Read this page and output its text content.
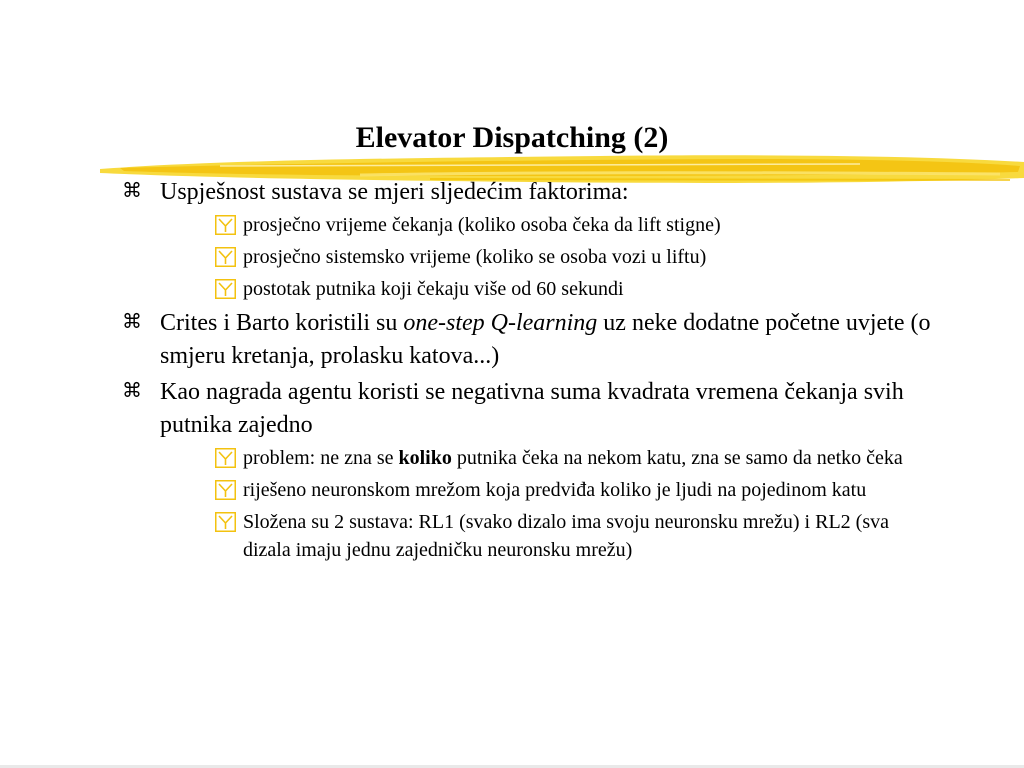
Elevator Dispatching (2)
⌘ Uspješnost sustava se mjeri sljedećim faktorima:
prosječno vrijeme čekanja (koliko osoba čeka da lift stigne)
prosječno sistemsko vrijeme (koliko se osoba vozi u liftu)
postotak putnika koji čekaju više od 60 sekundi
⌘ Crites i Barto koristili su one-step Q-learning uz neke dodatne početne uvjete (o smjeru kretanja, prolasku katova...)
⌘ Kao nagrada agentu koristi se negativna suma kvadrata vremena čekanja svih putnika zajedno
problem: ne zna se koliko putnika čeka na nekom katu, zna se samo da netko čeka
riješeno neuronskom mrežom koja predviđa koliko je ljudi na pojedinom katu
Složena su 2 sustava: RL1 (svako dizalo ima svoju neuronsku mrežu) i RL2 (sva dizala imaju jednu zajedničku neuronsku mrežu)
